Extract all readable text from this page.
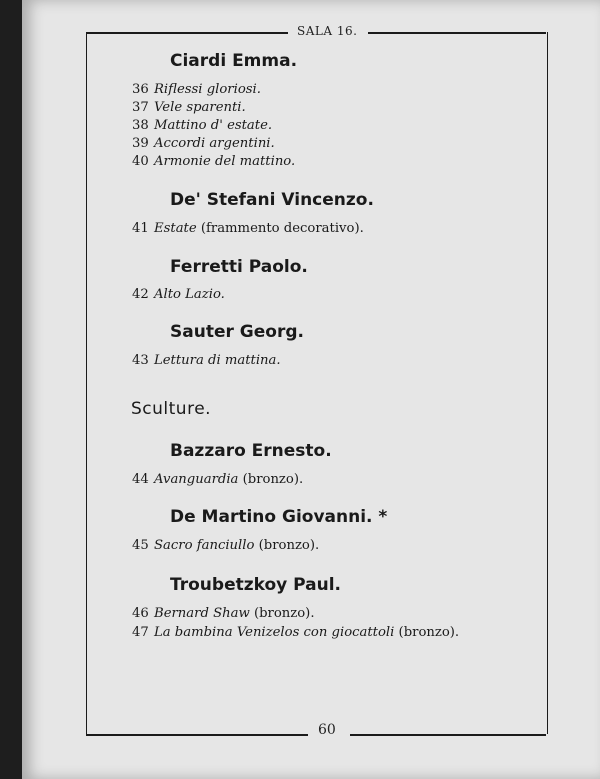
SALA 16.
Ciardi Emma.
36 Riflessi gloriosi.
37 Vele sparenti.
38 Mattino d' estate.
39 Accordi argentini.
40 Armonie del mattino.
De' Stefani Vincenzo.
41 Estate (frammento decorativo).
Ferretti Paolo.
42 Alto Lazio.
Sauter Georg.
43 Lettura di mattina.
Sculture.
Bazzaro Ernesto.
44 Avanguardia (bronzo).
De Martino Giovanni. *
45 Sacro fanciullo (bronzo).
Troubetzkoy Paul.
46 Bernard Shaw (bronzo).
47 La bambina Venizelos con giocattoli (bronzo).
60
